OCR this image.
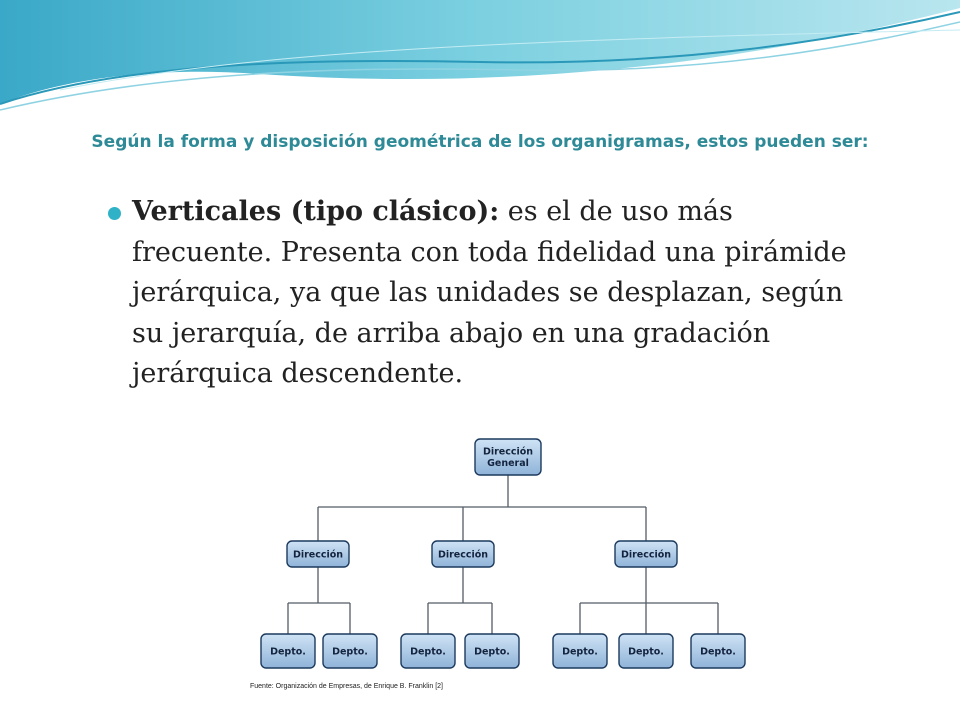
Según la forma y disposición geométrica de los organigramas, estos pueden ser:
Verticales (tipo clásico): es el de uso más frecuente. Presenta con toda fidelidad una pirámide jerárquica, ya que las unidades se desplazan, según su jerarquía, de arriba abajo en una gradación jerárquica descendente.
Dirección
General
Dirección
Depto.	Depto.
Dirección
Depto.	Depto.
Dirección
Depto.	Depto.	Depto.
Fuente: Organización de Empresas, de Enrique B. Franklin [2]
